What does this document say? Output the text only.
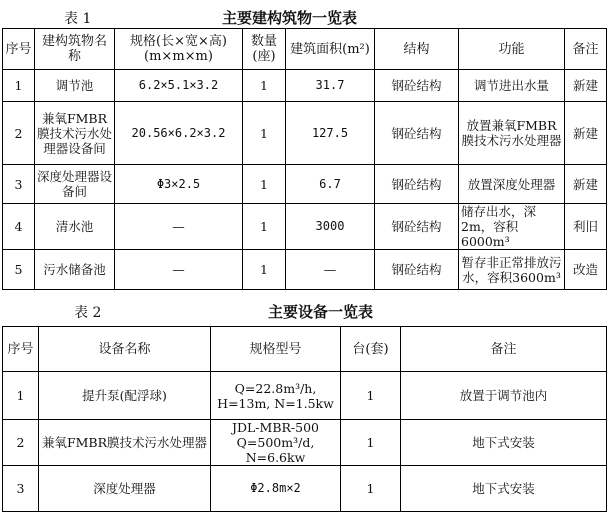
表 1	主要建构筑物一览表
序号	建构筑物名称	规格(长×宽×高)(m×m×m)	数量(座)	建筑面积(m²)	结构	功能	备注
1	调节池	6.2×5.1×3.2	1	31.7	钢砼结构	调节进出水量	新建
2	兼氧FMBR膜技术污水处理器设备间	20.56×6.2×3.2	1	127.5	钢砼结构	放置兼氧FMBR膜技术污水处理器	新建
3	深度处理器设备间	Φ3×2.5	1	6.7	钢砼结构	放置深度处理器	新建
4	清水池	—	1	3000	钢砼结构	储存出水，深2m，容积6000m³	利旧
5	污水储备池	—	1	—	钢砼结构	暂存非正常排放污水，容积3600m³	改造
表 2	主要设备一览表
序号	设备名称	规格型号	台(套)	备注
1	提升泵(配浮球)	Q=22.8m³/h, H=13m, N=1.5kw	1	放置于调节池内
2	兼氧FMBR膜技术污水处理器	JDL-MBR-500 Q=500m³/d, N=6.6kw	1	地下式安装
3	深度处理器	Φ2.8m×2	1	地下式安装
